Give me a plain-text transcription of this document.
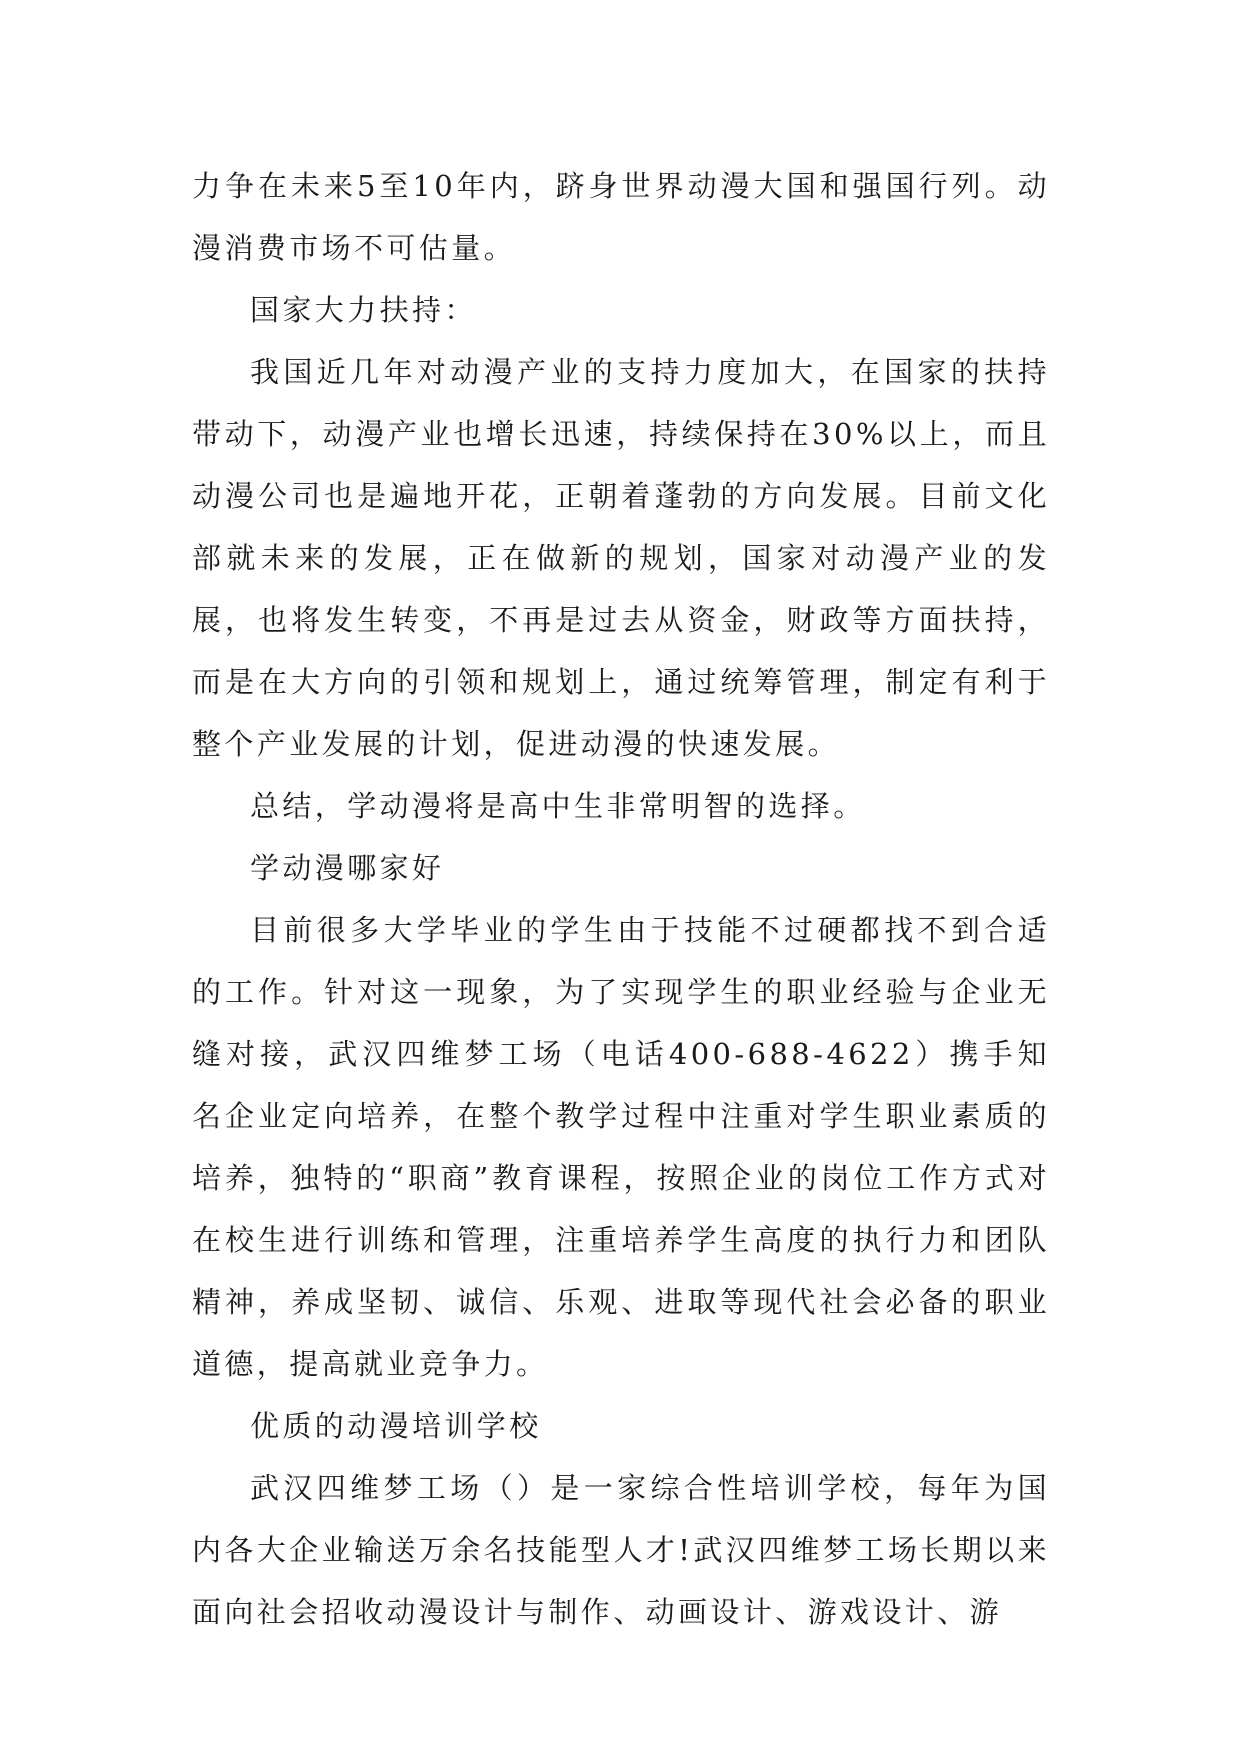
力争在未来5至10年内，跻身世界动漫大国和强国行列。动漫消费市场不可估量。

国家大力扶持：

我国近几年对动漫产业的支持力度加大，在国家的扶持带动下，动漫产业也增长迅速，持续保持在30%以上，而且动漫公司也是遍地开花，正朝着蓬勃的方向发展。目前文化部就未来的发展，正在做新的规划，国家对动漫产业的发展，也将发生转变，不再是过去从资金，财政等方面扶持，而是在大方向的引领和规划上，通过统筹管理，制定有利于整个产业发展的计划，促进动漫的快速发展。

总结，学动漫将是高中生非常明智的选择。

学动漫哪家好

目前很多大学毕业的学生由于技能不过硬都找不到合适的工作。针对这一现象，为了实现学生的职业经验与企业无缝对接，武汉四维梦工场（电话400-688-4622）携手知名企业定向培养，在整个教学过程中注重对学生职业素质的培养，独特的“职商”教育课程，按照企业的岗位工作方式对在校生进行训练和管理，注重培养学生高度的执行力和团队精神，养成坚韧、诚信、乐观、进取等现代社会必备的职业道德，提高就业竞争力。

优质的动漫培训学校

武汉四维梦工场（）是一家综合性培训学校，每年为国内各大企业输送万余名技能型人才!武汉四维梦工场长期以来面向社会招收动漫设计与制作、动画设计、游戏设计、游
